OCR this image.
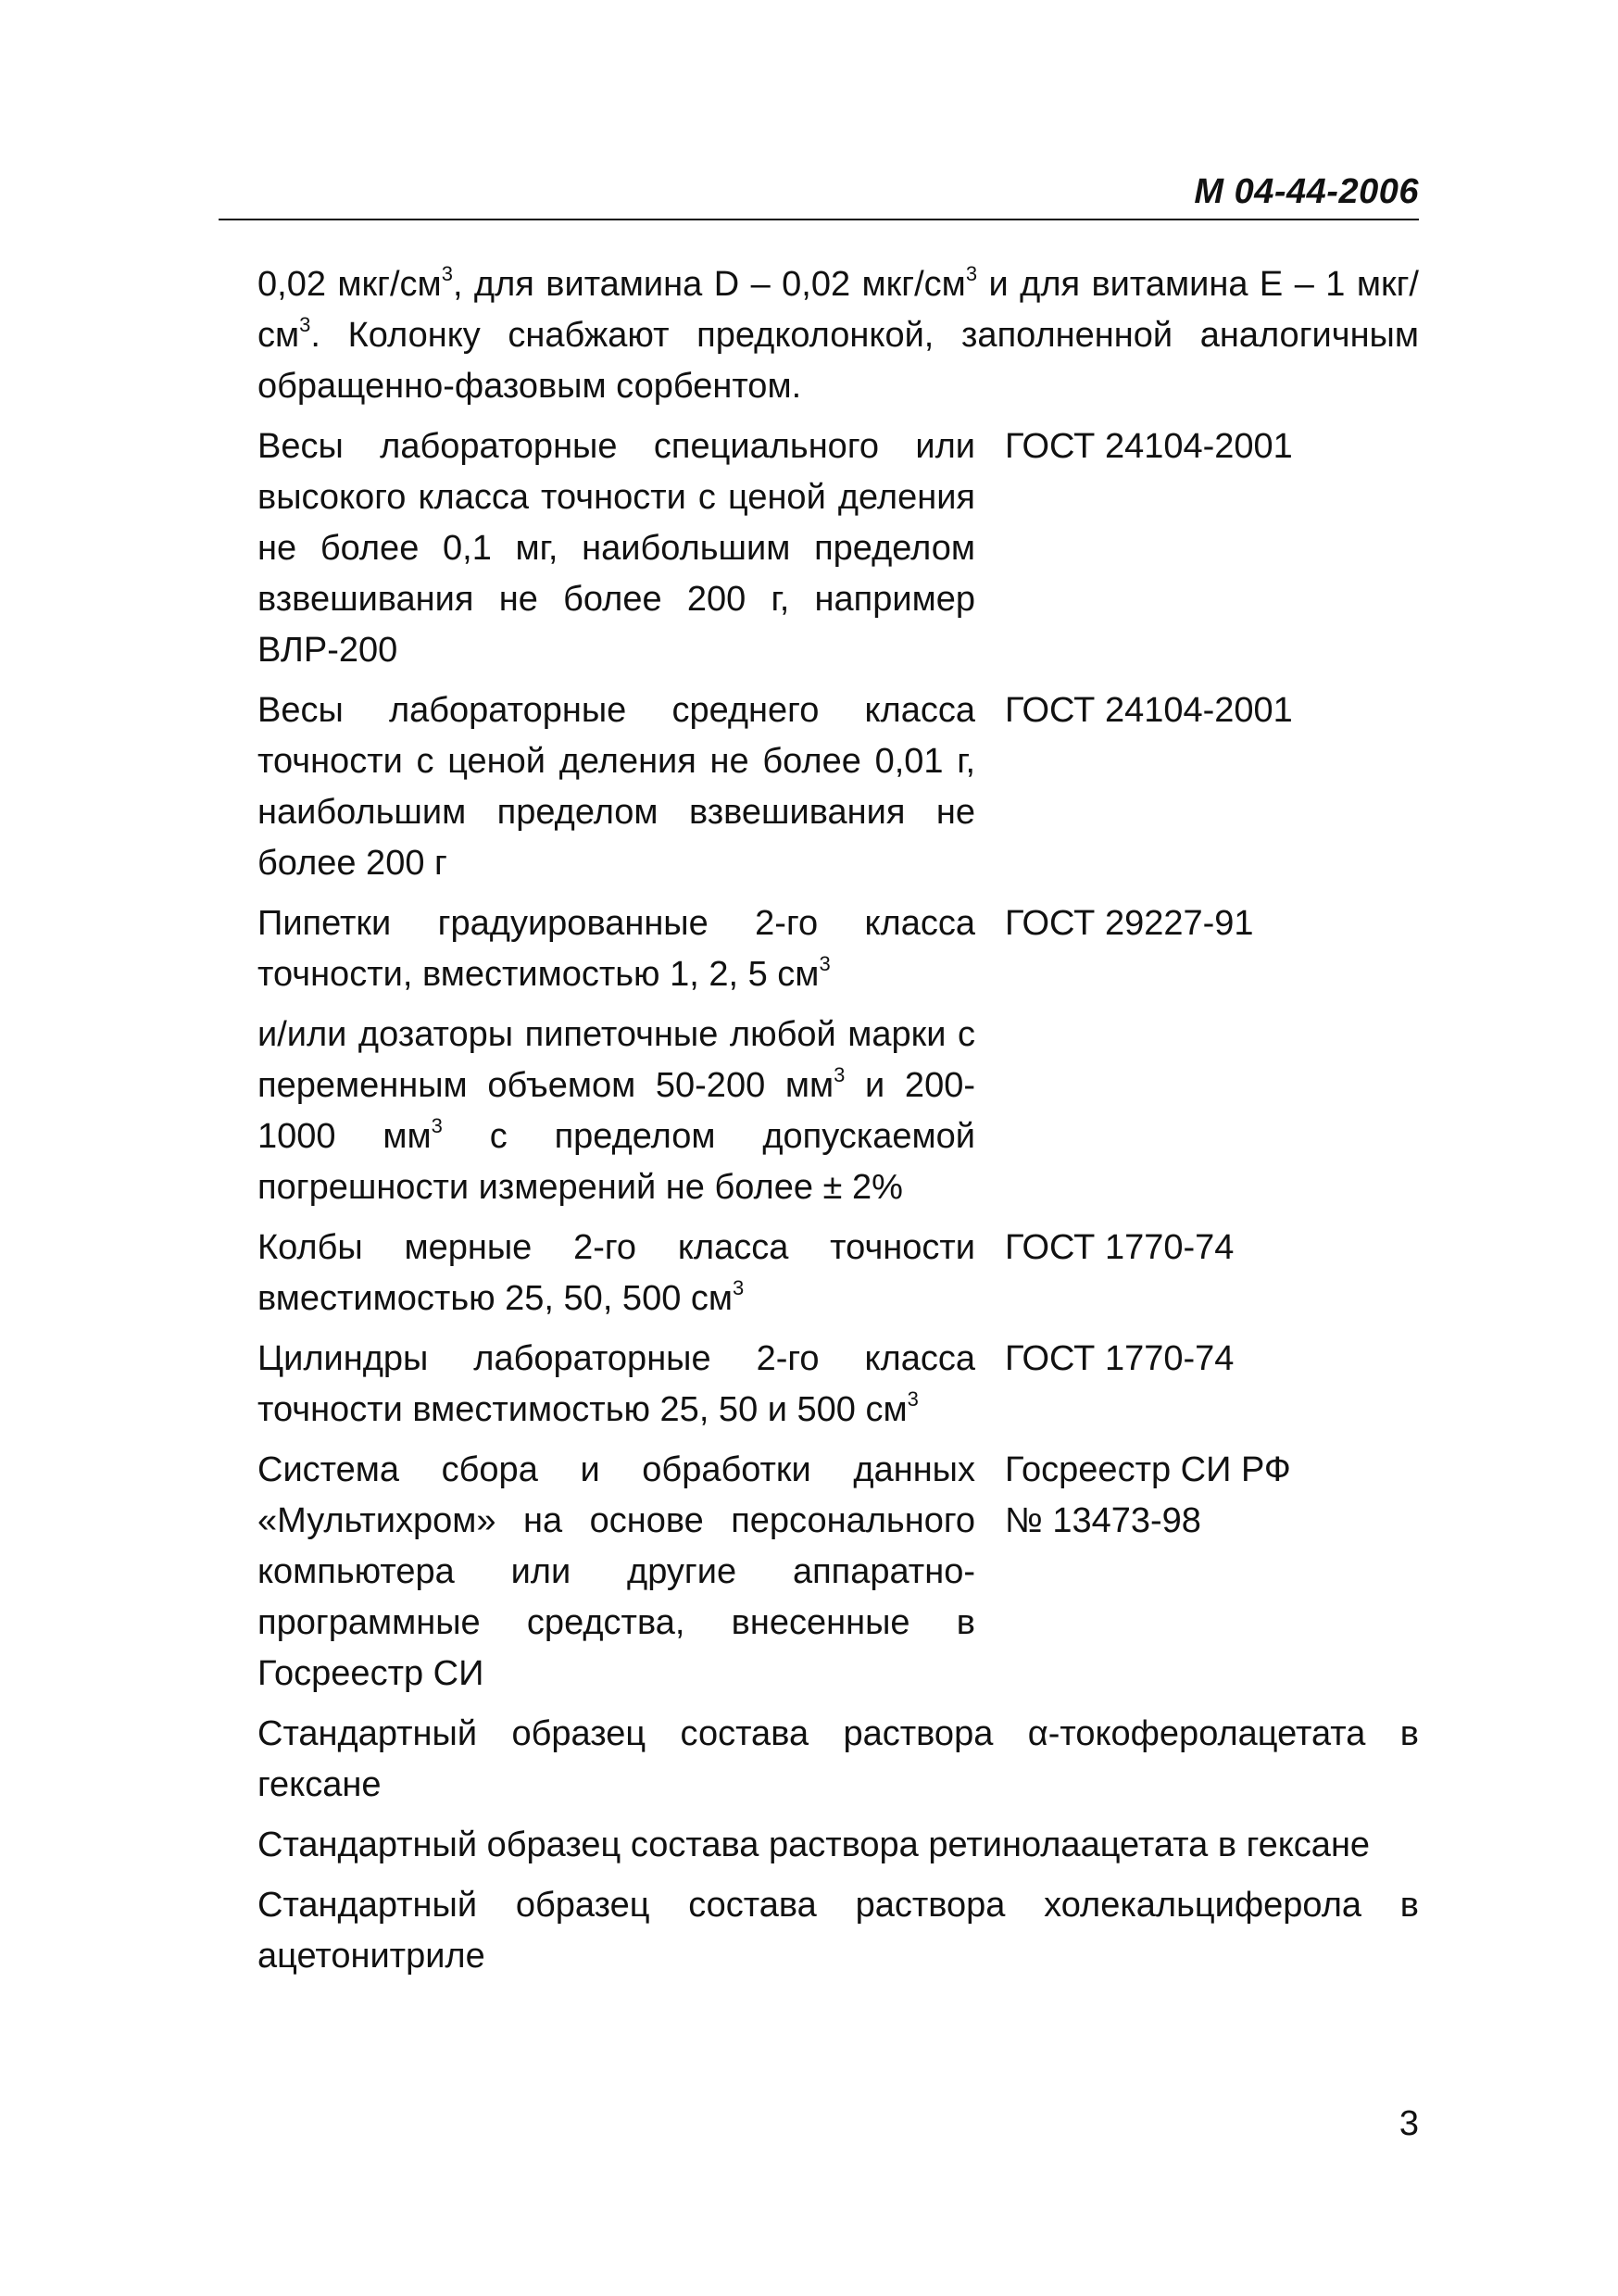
М 04-44-2006

0,02 мкг/$см^3$, для витамина D – 0,02 мкг/$см^3$ и для витамина Е – 1 мкг/$см^3$. Колонку снабжают предколонкой, заполненной аналогичным обращенно-фазовым сорбентом.

Весы лабораторные специального или высокого класса точности с ценой деления не более 0,1 мг, наибольшим пределом взвешивания не более 200 г, например ВЛР-200
ГОСТ 24104-2001
Весы лабораторные среднего класса точности с ценой деления не более 0,01 г, наибольшим пределом взвешивания не более 200 г
ГОСТ 24104-2001
Пипетки градуированные 2-го класса точности, вместимостью 1, 2, 5 $см^3$
и/или дозаторы пипеточные любой марки с переменным объемом 50-200 $мм^3$ и 200-1000 $мм^3$ с пределом допускаемой погрешности измерений не более ± 2%
ГОСТ 29227-91
Колбы мерные 2-го класса точности вместимостью 25, 50, 500 $см^3$
ГОСТ 1770-74
Цилиндры лабораторные 2-го класса точности вместимостью 25, 50 и 500 $см^3$
ГОСТ 1770-74
Система сбора и обработки данных «Мультихром» на основе персонального компьютера или другие аппаратно-программные средства, внесенные в Госреестр СИ
Госреестр СИ РФ
№ 13473-98

Стандартный образец состава раствора α-токоферолацетата в гексане

Стандартный образец состава раствора ретинолаацетата в гексане

Стандартный образец состава раствора холекальциферола в ацетонитриле

3
